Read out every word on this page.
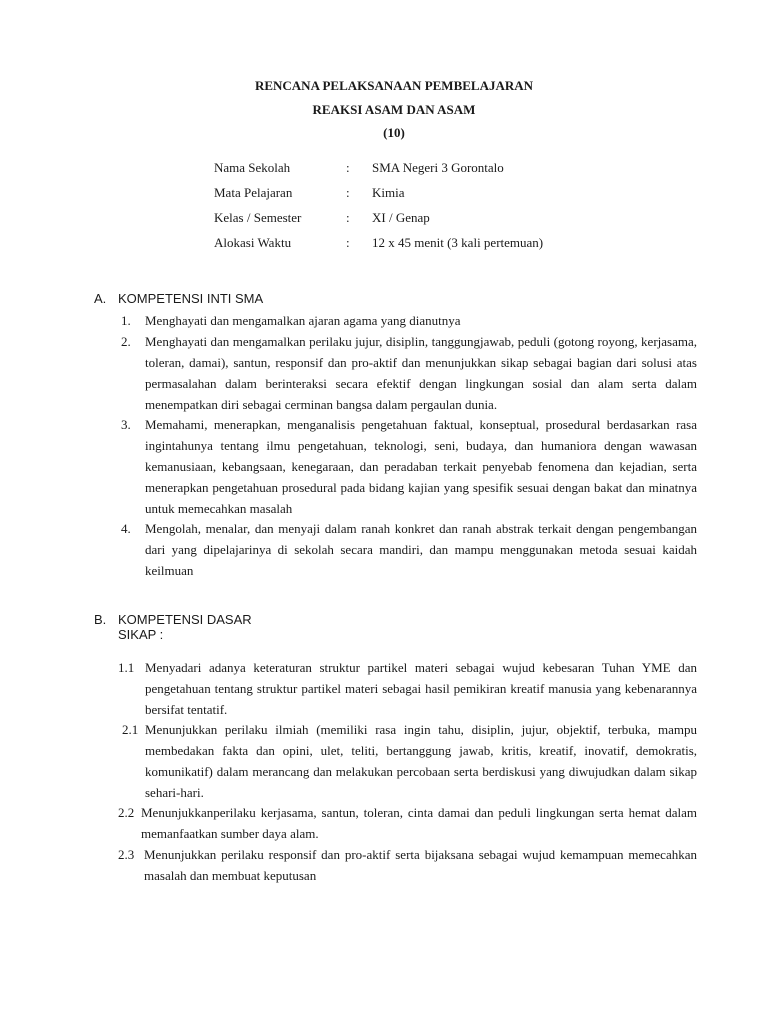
RENCANA PELAKSANAAN PEMBELAJARAN
REAKSI ASAM DAN ASAM
(10)
Nama Sekolah	: SMA Negeri 3 Gorontalo
Mata Pelajaran	: Kimia
Kelas / Semester	: XI / Genap
Alokasi Waktu	: 12 x 45 menit (3 kali pertemuan)
A. KOMPETENSI INTI SMA
1. Menghayati dan mengamalkan ajaran agama yang dianutnya
2. Menghayati dan mengamalkan perilaku jujur, disiplin, tanggungjawab, peduli (gotong royong, kerjasama, toleran, damai), santun, responsif dan pro-aktif dan menunjukkan sikap sebagai bagian dari solusi atas permasalahan dalam berinteraksi secara efektif dengan lingkungan sosial dan alam serta dalam menempatkan diri sebagai cerminan bangsa dalam pergaulan dunia.
3. Memahami, menerapkan, menganalisis pengetahuan faktual, konseptual, prosedural berdasarkan rasa ingintahunya tentang ilmu pengetahuan, teknologi, seni, budaya, dan humaniora dengan wawasan kemanusiaan, kebangsaan, kenegaraan, dan peradaban terkait penyebab fenomena dan kejadian, serta menerapkan pengetahuan prosedural pada bidang kajian yang spesifik sesuai dengan bakat dan minatnya untuk memecahkan masalah
4. Mengolah, menalar, dan menyaji dalam ranah konkret dan ranah abstrak terkait dengan pengembangan dari yang dipelajarinya di sekolah secara mandiri, dan mampu menggunakan metoda sesuai kaidah keilmuan
B. KOMPETENSI DASAR
SIKAP :
1.1 Menyadari adanya keteraturan struktur partikel materi sebagai wujud kebesaran Tuhan YME dan pengetahuan tentang struktur partikel materi sebagai hasil pemikiran kreatif manusia yang kebenarannya bersifat tentatif.
2.1 Menunjukkan perilaku ilmiah (memiliki rasa ingin tahu, disiplin, jujur, objektif, terbuka, mampu membedakan fakta dan opini, ulet, teliti, bertanggung jawab, kritis, kreatif, inovatif, demokratis, komunikatif) dalam merancang dan melakukan percobaan serta berdiskusi yang diwujudkan dalam sikap sehari-hari.
2.2 Menunjukkanperilaku kerjasama, santun, toleran, cinta damai dan peduli lingkungan serta hemat dalam memanfaatkan sumber daya alam.
2.3 Menunjukkan perilaku responsif dan pro-aktif serta bijaksana sebagai wujud kemampuan memecahkan masalah dan membuat keputusan
